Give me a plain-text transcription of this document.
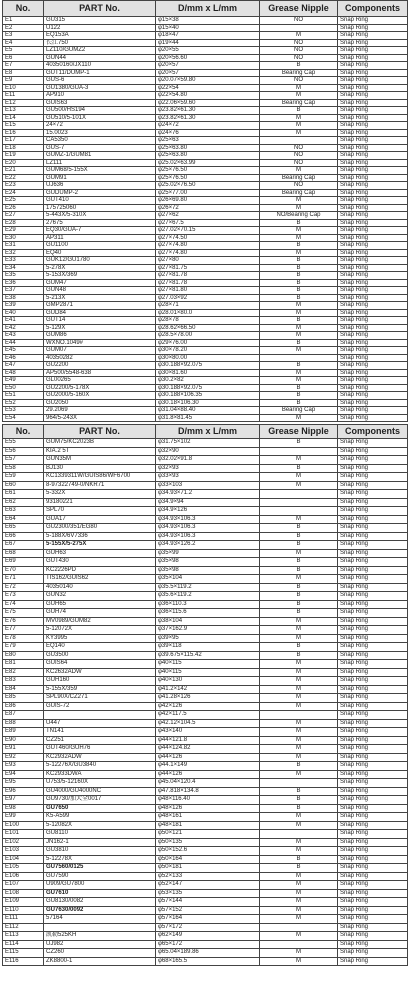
No.	PART No.	D/mm x L/mm	Grease Nipple	Components
E1	GU315	φ15×38	NO	Snap Ring
E2	U122	φ15×40		Snap Ring
E3	EQ153A	φ18×47	M	Snap Ring
E4	长江750	φ19×44	NO	Snap Ring
E5	LZ110/GUMZ2	φ20×55	NO	Snap Ring
E6	GUN44	φ20×56.60	NO	Snap Ring
E7	40350160/JX110	φ20×57	B	Snap Ring
E8	GUT11/DUMP-1	φ20×57	Bearing Cap	Snap Ring
E9	GUS-6	φ20.07×59.80	NO	Snap Ring
E10	GU1380/GUA-3	φ22×54	M	Snap Ring
E11	AP910	φ22×54.80	M	Snap Ring
E12	GUIS63	φ22.06×59.60	Bearing Cap	Snap Ring
E13	GU500/HS194	φ23.82×61.30	B	Snap Ring
E14	GU510/5-101X	φ23.82×61.30	M	Snap Ring
E15	24×72	φ24×72	M	Snap Ring
E16	15.0023	φ24×76	M	Snap Ring
E17	CA5350	φ25×63		Snap Ring
E18	GUS-7	φ25×63.80	NO	Snap Ring
E19	GUMZ-1/GUM81	φ25×63.80	NO	Snap Ring
E20	LZ111	φ25.02×63.99	NO	Snap Ring
E21	GUM68/5-155X	φ25×76.50	M	Snap Ring
E22	GUM91	φ25×76.50	Bearing Cap	Snap Ring
E23	UJ636	φ25.02×76.50	NO	Snap Ring
E24	GUDUMP-2	φ25×77.00	Bearing Cap	Snap Ring
E25	GUT410	φ26×69.80	M	Snap Ring
E26	175725060	φ26×72	M	Snap Ring
E27	5-443X/5-310X	φ27×62	NO/Bearing Cap	Snap Ring
E28	27675	φ27×67.5	B	Snap Ring
E29	EQ30/GUA-7	φ27.02×70.15	M	Snap Ring
E30	AP311	φ27×74.50	M	Snap Ring
E31	GU1100	φ27×74.80	B	Snap Ring
E32	EQ40	φ27×74.80	M	Snap Ring
E33	GUK12/GU1780	φ27×80	B	Snap Ring
E34	5-278X	φ27×81.75	B	Snap Ring
E35	5-153X/369	φ27×81.78	B	Snap Ring
E36	GUM47	φ27×81.78	B	Snap Ring
E37	GUN48	φ27×81.80	B	Snap Ring
E38	5-213X	φ27.03×92	B	Snap Ring
E39	GMP2871	φ28×71	M	Snap Ring
E40	GUD84	φ28.01×80.0	M	Snap Ring
E41	GUT14	φ28×78	B	Snap Ring
E42	5-129X	φ28.62×66.50	M	Snap Ring
E43	GUM86	φ28.5×78.00	M	Snap Ring
E44	WXNO.1049#	φ29×76.00	B	Snap Ring
E45	GUM07	φ30×78.20	M	Snap Ring
E46	40350282	φ30×80.00		Snap Ring
E47	GU2200	φ30.188×92.075	B	Snap Ring
E48	AP500/5548-638	φ30×81.60	M	Snap Ring
E49	GL00265	φ30.2×82	M	Snap Ring
E50	GU2200/5-178X	φ30.188×92.075	B	Snap Ring
E51	GU2000/5-160X	φ30.188×106.35	B	Snap Ring
E52	GU2050	φ30.18×106.30	B	Snap Ring
E53	29.2069	φ31.04×88.40	Bearing Cap	Snap Ring
E54	964/5-243X	φ31.8×81.45	M	Snap Ring
No.	PART No.	D/mm x L/mm	Grease Nipple	Components
E55	GUM75/KC2023B	φ31.75×102	B	Snap Ring
E56	KIA.2 5T	φ32×90		Snap Ring
E57	GUN35M	φ32.02×91.8	M	Snap Ring
E58	BJ130	φ32×93	B	Snap Ring
E59	KC1339311W/GUIS86/WF6700	φ33×93	M	Snap Ring
E60	8-97322749-0/NKR71	φ33×103	M	Snap Ring
E61	5-332X	φ34.93×71.2		Snap Ring
E62	93180221	φ34.9×94		Snap Ring
E63	SPL70	φ34.9×126		Snap Ring
E64	GUA17	φ34.93×106.3	M	Snap Ring
E65	GU2300/351/EG80	φ34.93×106.3	B	Snap Ring
E66	5-188X/6V7336	φ34.93×106.3	B	Snap Ring
E67	5-155X/5-275X	φ34.93×126.2	B	Snap Ring
E68	GUH63	φ35×99	M	Snap Ring
E69	GUT430	φ35×98	B	Snap Ring
E70	KC2226PD	φ35×98	B	Snap Ring
E71	TIS162/GUIS62	φ35×104	M	Snap Ring
E72	40350140	φ35.5×119.2	B	Snap Ring
E73	GUN32	φ35.6×119.2	B	Snap Ring
E74	GUH65	φ36×110.3	B	Snap Ring
E75	GUH74	φ36×115.6	B	Snap Ring
E76	MV0989/GUM82	φ38×104	M	Snap Ring
E77	5-12072X	φ37×162.9	M	Snap Ring
E78	KY3995	φ39×95	M	Snap Ring
E79	EQ140	φ39×118	B	Snap Ring
E80	GU3500	φ39.675×115.42	B	Snap Ring
E81	GUIS64	φ40×115	M	Snap Ring
E82	KC2632ADW	φ40×115	M	Snap Ring
E83	GUH160	φ40×130	M	Snap Ring
E84	5-155X/359	φ41.2×142	M	Snap Ring
E85	SPL90X/CZ271	φ41.28×126	M	Snap Ring
E86	GUIS-72	φ42×126	M	Snap Ring
E87		φ42×117.5		Snap Ring
E88	U447	φ42.12×104.5	M	Snap Ring
E89	TN141	φ43×140	M	Snap Ring
E90	CZ251	φ44×121.8	M	Snap Ring
E91	GUT460/GUH76	φ44×124.82	M	Snap Ring
E92	KC2932ADW	φ44×126	M	Snap Ring
E93	5-12276X/GU3840	φ44.1×149	B	Snap Ring
E94	KC2933DWA	φ44×126	M	Snap Ring
E95	U753/5-12160X	φ45.04×120.4		Snap Ring
E96	GU4000/GU4000NC	φ47.818×134.8	B	Snap Ring
E97	GU9730/加大全0017	φ48×116.40	B	Snap Ring
E98	GU7650	φ48×126	B	Snap Ring
E99	K5-A599	φ48×161	M	Snap Ring
E100	5-12082X	φ48×181	M	Snap Ring
E101	GU8110	φ50×121		Snap Ring
E102	JN162-1	φ50×135	M	Snap Ring
E103	GU3810	φ50×152.6	M	Snap Ring
E104	5-12278X	φ50×164	B	Snap Ring
E105	GU7560/0125	φ50×181	B	Snap Ring
E106	GU7590	φ52×133	M	Snap Ring
E107	U909/GU7800	φ52×147	M	Snap Ring
E108	GU7610	φ53×135	M	Snap Ring
E109	GU8130/0082	φ57×144	M	Snap Ring
E110	GU7630/0092	φ57×152	M	Snap Ring
E111	57164	φ57×164	M	Snap Ring
E112		φ57×172		Snap Ring
E113	凯勒525KH	φ62×149	M	Snap Ring
E114	UJ982	φ65×172		Snap Ring
E115	CZ260	φ65.04×189.86	M	Snap Ring
E116	ZK8800-1	φ68×165.5	M	Snap Ring
